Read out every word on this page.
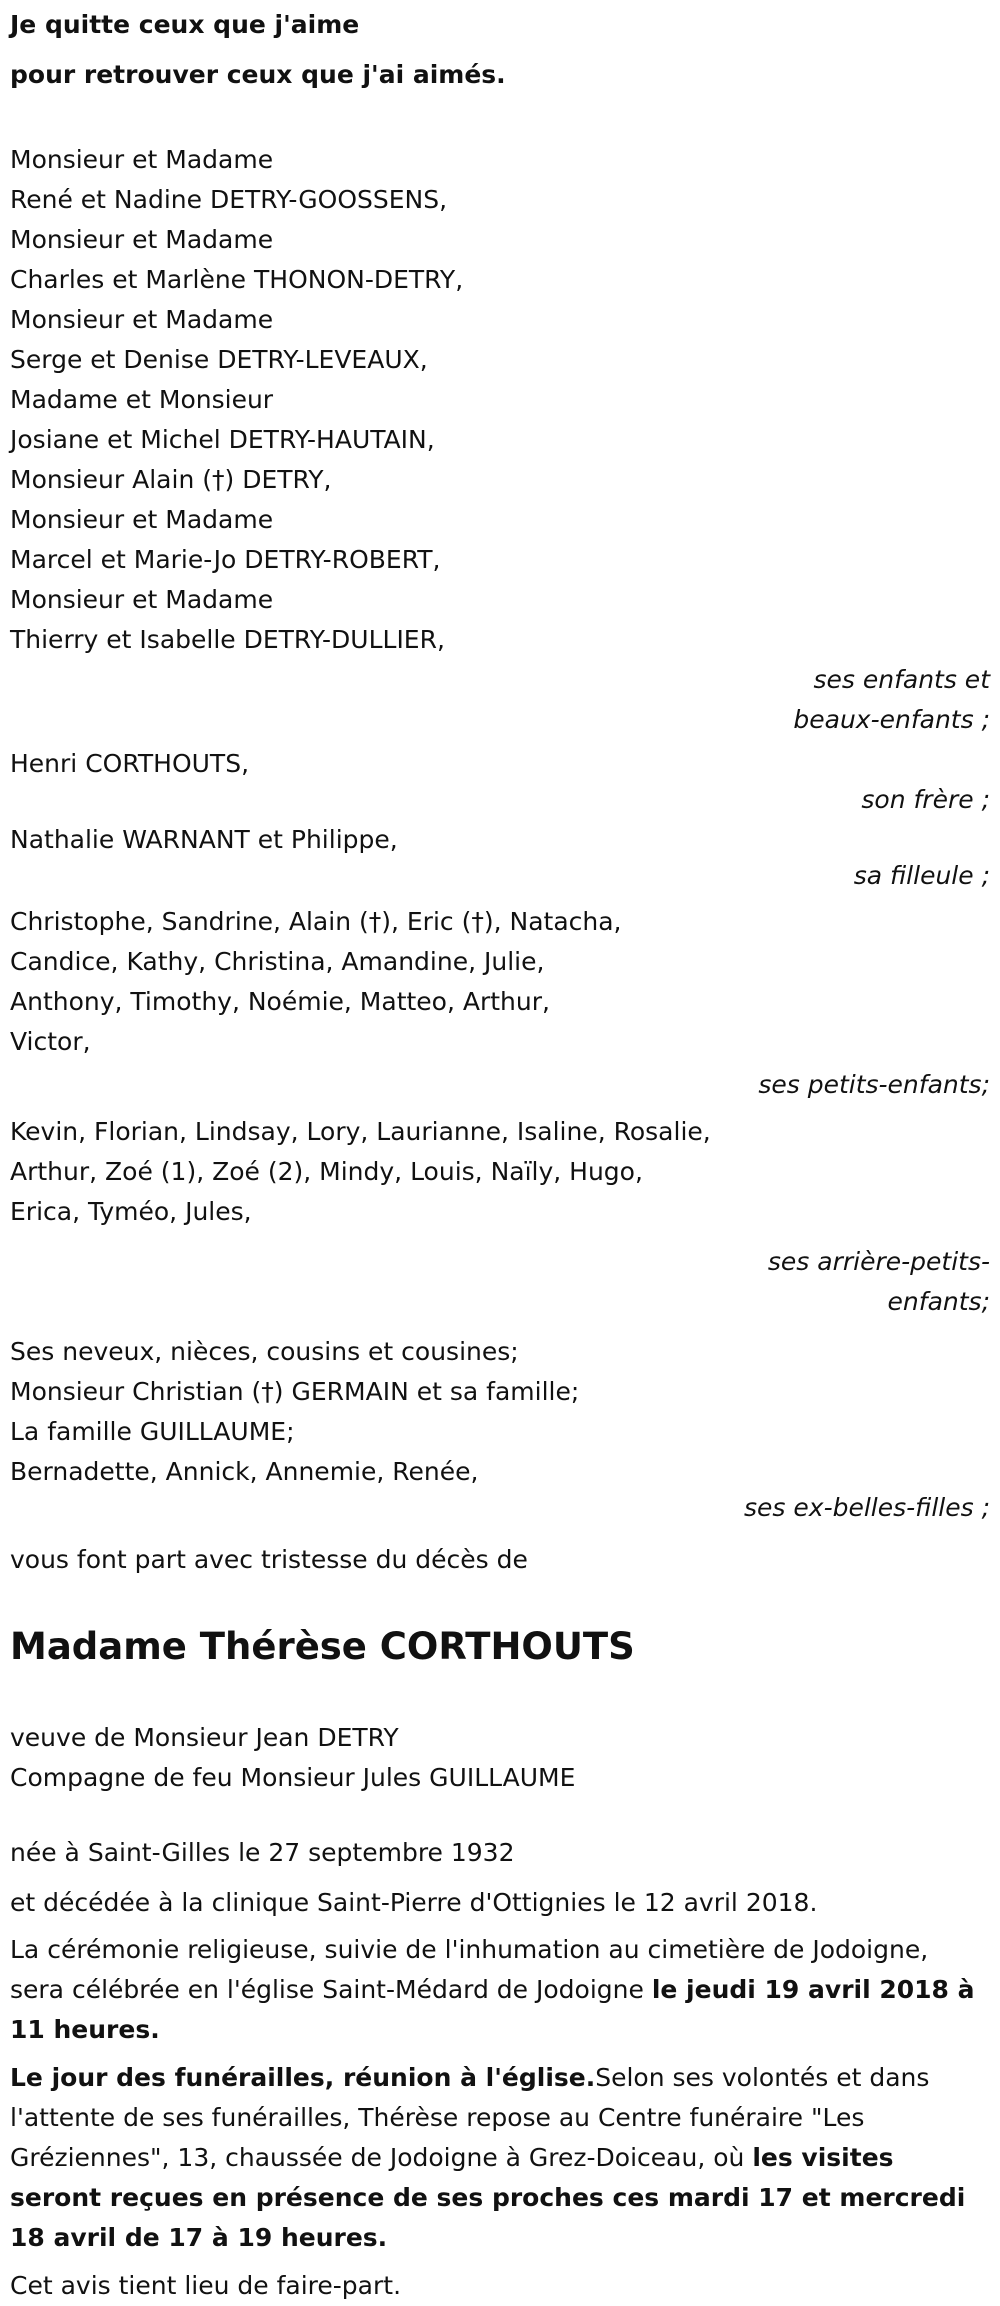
Je quitte ceux que j'aime
pour retrouver ceux que j'ai aimés.
Monsieur et Madame
René et Nadine DETRY-GOOSSENS,
Monsieur et Madame
Charles et Marlène THONON-DETRY,
Monsieur et Madame
Serge et Denise DETRY-LEVEAUX,
Madame et Monsieur
Josiane et Michel DETRY-HAUTAIN,
Monsieur Alain (†) DETRY,
Monsieur et Madame
Marcel et Marie-Jo DETRY-ROBERT,
Monsieur et Madame
Thierry et Isabelle DETRY-DULLIER,
ses enfants et
beaux-enfants ;
Henri CORTHOUTS,
son frère ;
Nathalie WARNANT et Philippe,
sa filleule ;
Christophe, Sandrine, Alain (†), Eric (†), Natacha,
Candice, Kathy, Christina, Amandine, Julie,
Anthony, Timothy, Noémie, Matteo, Arthur,
Victor,
ses petits-enfants;
Kevin, Florian, Lindsay, Lory, Laurianne, Isaline, Rosalie,
Arthur, Zoé (1), Zoé (2), Mindy, Louis, Naïly, Hugo,
Erica, Tyméo, Jules,
ses arrière-petits-
enfants;
Ses neveux, nièces, cousins et cousines;
Monsieur Christian (†) GERMAIN et sa famille;
La famille GUILLAUME;
Bernadette, Annick, Annemie, Renée,
ses ex-belles-filles ;
vous font part avec tristesse du décès de
Madame Thérèse CORTHOUTS
veuve de Monsieur Jean DETRY
Compagne de feu Monsieur Jules GUILLAUME
née à Saint-Gilles le 27 septembre 1932
et décédée à la clinique Saint-Pierre d'Ottignies le 12 avril 2018.
La cérémonie religieuse, suivie de l'inhumation au cimetière de Jodoigne, sera célébrée en l'église Saint-Médard de Jodoigne le jeudi 19 avril 2018 à 11 heures.
Le jour des funérailles, réunion à l'église.Selon ses volontés et dans l'attente de ses funérailles, Thérèse repose au Centre funéraire "Les Gréziennes", 13, chaussée de Jodoigne à Grez-Doiceau, où les visites seront reçues en présence de ses proches ces mardi 17 et mercredi 18 avril de 17 à 19 heures.
Cet avis tient lieu de faire-part.
